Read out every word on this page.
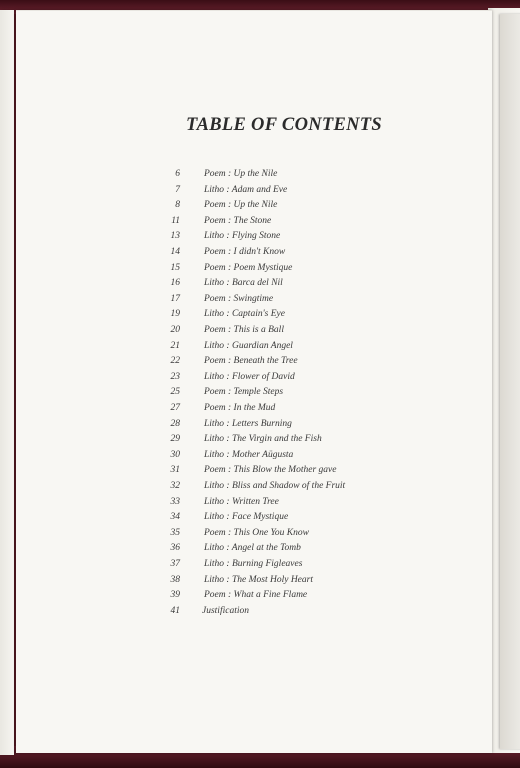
TABLE OF CONTENTS
6	Poem : Up the Nile
7	Litho : Adam and Eve
8	Poem : Up the Nile
11	Poem : The Stone
13	Litho : Flying Stone
14	Poem : I didn't Know
15	Poem : Poem Mystique
16	Litho : Barca del Nil
17	Poem : Swingtime
19	Litho : Captain's Eye
20	Poem : This is a Ball
21	Litho : Guardian Angel
22	Poem : Beneath the Tree
23	Litho : Flower of David
25	Poem : Temple Steps
27	Poem : In the Mud
28	Litho : Letters Burning
29	Litho : The Virgin and the Fish
30	Litho : Mother Aügusta
31	Poem : This Blow the Mother gave
32	Litho : Bliss and Shadow of the Fruit
33	Litho : Written Tree
34	Litho : Face Mystique
35	Poem : This One You Know
36	Litho : Angel at the Tomb
37	Litho : Burning Figleaves
38	Litho : The Most Holy Heart
39	Poem : What a Fine Flame
41 Justification
